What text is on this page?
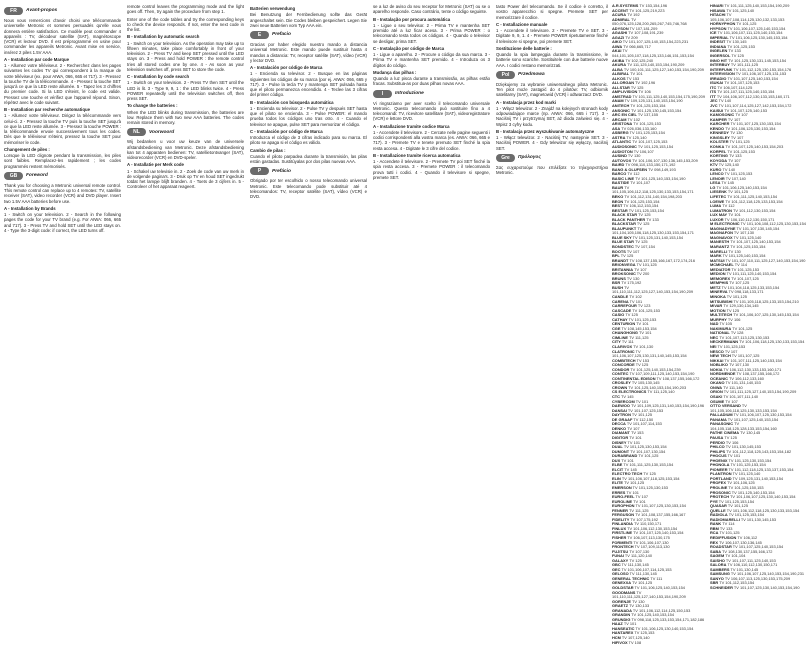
FR	Avant-propos

Nous vous remercions d'avoir choisi une télécommande universelle Metronic et sommes persuadés qu'elle vous donnera entière satisfaction. Ce modèle peut commander 4 appareils : TV, décodeur satellite (SAT), magnétoscope (VCR) et lecteur DVD. Il est préprogrammé en usine pour commander les appareils Metronic. Avant mise en service, insérez 2 piles 1.5V AAA.

A - Installation par code Marque

1 - Allumez votre téléviseur. 2 - Recherchez dans les pages suivantes les codes TV qui correspondent à la marque de votre téléviseur (ex. pour AIWA, 066, 665 et 717). 3 - Pressez la touche TV de la télécommande. 4 - Pressez la touche SET jusqu'à ce que la LED reste allumée. 5 - Tapez les 3 chiffres du premier code. Si la LED s'éteint, le code est valide. Pressez une touche et vérifiez que l'appareil répond. Sinon, répétez avec le code suivant.

B - Installation par recherche automatique

1 - Allumez votre téléviseur. Dirigez la télécommande vers celui-ci. 2 - Pressez la touche TV puis la touche SET jusqu'à ce que la LED reste allumée. 3 - Pressez la touche POWER : la télécommande envoie successivement tous les codes. Dès que le téléviseur s'éteint, pressez la touche SET pour mémoriser le code.

Changement de piles :

Lorsque la LED clignote pendant la transmission, les piles sont faibles. Remplacez-les rapidement ; les codes programmés restent mémorisés.

GB	Foreword

Thank you for choosing a Metronic universal remote control. This remote control can replace up to 4 remotes: TV, satellite receiver (SAT), video recorder (VCR) and DVD player. Insert two 1.5V AAA batteries before use.

A - Installation by Brands

1 - Switch on your television. 2 - Search in the following pages the code for your TV brand (e.g. For AIWA: 066, 665 and 717). 3 - Press TV and hold SET until the LED stays on. 4 - Type the 3-digit code: if correct, the LED turns off.

remote control leaves the programming mode and the light goes off. Then, try again the procedure from step 1.

Enter one of the code tables and try the corresponding keys to check the device responds. If not, enter the next code in the list.

B - Installation by automatic search

1 - Switch on your television. As the operation may take up to fifteen minutes, take place comfortably in front of your television. 2 - Press TV and keep SET pressed until the LED stays on. 3 - Press and hold POWER : the remote control tries all stored codes one by one. 4 - As soon as your television switches off, press SET to store the code.

C - Installation by code search

1 - Switch on your television. 2 - Press TV then SET until the LED is lit. 3 - Type 9, 9, 1 : the LED blinks twice. 4 - Press POWER repeatedly until the television switches off, then press SET.

To change the batteries :

When the LED blinks during transmission, the batteries are low. Replace them with two new AAA batteries. The codes remain stored in memory.

NL	Voorwoord

Wij bedanken u voor uw keuze van de universele afstandsbediening van Metronic. Deze afstandsbediening kan tot 4 apparaten bedienen: TV, satellietontvanger (SAT), videorecorder (VCR) en DVD-speler.

A - Installatie per Merk code

1 - Schakel uw televisie in. 2 - Zoek de code van uw merk in de volgende pagina's. 3 - Druk op TV en houd SET ingedrukt totdat het lampje blijft branden. 4 - Toets de 3 cijfers in. 5 - Controleer of het apparaat reageert.

Batterien verwendung

Bei Benutzung der Fernbedienung sollte das Gerät angeschaltet sein. Die Codes bleiben gespeichert. Legen Sie zwei neue Batterien vom Typ AAA ein.

E	Prefacio

Gracias por haber elegido nuestro mando a distancia universal Metronic. Este mando puede sustituir hasta 4 mandos a distancia: TV, receptor satélite (SAT), vídeo (VCR) y lector DVD.

A - Instalación por código de Marca

1 - Encienda su televisor. 2 - Busque en las páginas siguientes los códigos de su marca (por ej. AIWA: 066, 665 y 717). 3 - Pulse la tecla TV y mantenga SET pulsada hasta que el piloto permanezca encendido. 4 - Teclee las 3 cifras del primer código.

B - Instalación con búsqueda automática

1 - Encienda su televisor. 2 - Pulse TV y después SET hasta que el piloto se encienda. 3 - Pulse POWER: el mando prueba todos los códigos uno tras otro. 4 - Cuando el televisor se apague, pulse SET para memorizar el código.

C - Instalación por código de Marca

Introduzca el código de 3 cifras indicado para su marca. El piloto se apaga si el código es válido.

Cambio de pilas :

Cuando el piloto parpadea durante la transmisión, las pilas están gastadas. Sustitúyalas por dos pilas nuevas AAA.

P	Prefácio

Obrigado por ter escolhido o nosso telecomando universal Metronic. Este telecomando pode substituir até 4 telecomandos: TV, receptor satélite (SAT), vídeo (VCR) e DVD.

se a luz de aviso do seu receptor for Metronic (SAT) ou se o aparelho responde. Caso contrário, tente o código seguinte.

B - Instalação por procura automática

1 - Ligue o seu televisor. 2 - Prima TV e mantenha SET premido até a luz ficar acesa. 3 - Prima POWER : o telecomando testa todos os códigos. 4 - Quando o televisor se desligar, prima SET.

C - Instalação por código de Marca

1 - Ligue o aparelho. 2 - Procure o código da sua marca. 3 - Prima TV e mantenha SET premido. 4 - Introduza os 3 dígitos do código.

Mudança das pilhas :

Quando a luz pisca durante a transmissão, as pilhas estão fracas. Substitua-as por duas pilhas novas AAA.

I	Introduzione

Vi ringraziamo per aver scelto il telecomando universale Metronic. Questo telecomando può sostituire fino a 4 telecomandi: TV, ricevitore satellitare (SAT), videoregistratore (VCR) e lettore DVD.

A - Installazione tramite codice Marca

1 - Accendete il televisore. 2 - Cercate nelle pagine seguenti i codici corrispondenti alla vostra marca (es. AIWA: 066, 665 e 717). 3 - Premete TV e tenete premuto SET finché la spia resta accesa. 4 - Digitate le 3 cifre del codice.

B - Installazione tramite ricerca automatica

1 - Accendete il televisore. 2 - Premete TV poi SET finché la spia resta accesa. 3 - Premete POWER : il telecomando prova tutti i codici. 4 - Quando il televisore si spegne, premete SET.

tasto Power del telecomando. Se il codice è corretto, il vostro apparecchio si spegne. Premete SET per memorizzare il codice.

C - Installazione manuale

1 - Accendete il televisore. 2 - Premete TV e SET. 3 - Digitate 9, 9, 1. 4 - Premete POWER ripetutamente finché il televisore si spegne, poi premete SET.

Sostituzione delle batterie :

Quando la spia lampeggia durante la trasmissione, le batterie sono scariche. Sostituitele con due batterie nuove AAA. I codici restano memorizzati.

Pol	Przedmowa

Dziękujemy za wybranie uniwersalnego pilota Metronic. Ten pilot może zastąpić do 4 pilotów: TV, odbiornik satelitarny (SAT), magnetowid (VCR) i odtwarzacz DVD.

A - Instalacja przez kod marki

1 - Włącz telewizor. 2 - Znajdź na kolejnych stronach kody odpowiadające marce (np. AIWA: 066, 665 i 717). 3 - Naciśnij TV i przytrzymaj SET, aż dioda zaświeci się. 4 - Wpisz 3 cyfry kodu.

B - Instalacja przez wyszukiwanie automatyczne

1 - Włącz telewizor. 2 - Naciśnij TV, następnie SET. 3 - Naciśnij POWER. 4 - Gdy telewizor się wyłączy, naciśnij SET.

Gre	Πρόλογος

Σας ευχαριστούμε που επιλέξατε το τηλεχειριστήριο Metronic.

A.R.SYSTEMS TV 153,154,196
ACCENT TV 101,125,219,223
ACURA TV 192
ADMIRAL TV 050,076,125,128,200,265,267,745,746,768
ADYSON TV 107,181,209
AGASHI TV 107,108,191,239
AGAZI TV 209
AIKO TV 101,107,125,140,153,154,223,231
AIWA TV 066,665,717
AKAI TV 044,101,105,107,118,125,133,146,151,153,154
AKIBA TV 102,125,240
AKURA TV 111,125,140,153,154,190,209
ALBA TV 100,101,111,125,127,140,153,154,190,209
ALBIRAL TV 101
ALKOS TV 153
ALLORGAN TV 192,196
ALLSTAR TV 125
AMPLIVISION TV 106
AMSTRAD TV 101,111,125,140,153,154,175,190,209
ANAM TV 109,125,131,140,153,154,190
ANITECH TV 101,125,153,154
ANSONIC TV 101,125,130,145,153,154
ARC EN CIEL TV 137,155
ARCAM TV 102
ARISTONA TV 101,125,153
ASA TV 026,036,133,160
ASBERG TV 101,125,153,154
ASTRA TV 125,140
ATLANTIC TV 101,107,125,153
AUDIOSONIC TV 101,125,153,154
AUDIOTON TV 106,107
AUSIND TV 130
AUTOVOX TV 101,106,107,130,136,145,153,209
BAIRD TV 098,110,133,150,171,192
BANG & OLUFSEN TV 098,149,193
BARCO TV 112
BASIC LINE TV 101,125,140,153,154,190
BASTIDE TV 101,107
BAUR TV 101,105,106,112,118,125,130,133,153,154,171
BEKO TV 101,112,131,140,154,198,203
BEON TV 101,125,153,154
BEST TV 106,112,153,154
BESTAR TV 101,125,153,154
BLACK STAR TV 125
BLACK PANTHER TV 133
BLACKSTAR TV 125
BLAUPUNKT TV 101,104,105,106,118,125,130,133,153,154,171
BLUE SKY TV 101,125,131,140,153,154
BLUE STAR TV 125
BONDSTEC TV 107,154
BOOTS TV 107
BPL TV 125
BRANDT TV 108,137,155,166,167,172,174,216
BRIONVEGA TV 101,125
BRITANNIA TV 107
BROKSONIC TV 200
BRUNS TV 130
BSR TV 175,192
BUSH TV 101,110,111,112,125,127,140,153,154,190,209
CANDLE TV 102
CARENA TV 101
CARREFOUR TV 123
CASCADE TV 101,125,153
CASIO TV 125
CATHAY TV 101,125,153
CENTURION TV 101
CGE TV 108,145,153,154
CHANGHONG TV 101
CIMLINE TV 111,125
CITY TV 111
CLARIVOX TV 101,130
CLATRONIC TV 101,106,107,125,130,131,140,145,153,154
COMBITECH TV 153
CONCORDE TV 125
CONDOR TV 101,125,140,153,154,239
CONTEC TV 107,109,111,125,140,153,154,190
CONTINENTAL EDISON TV 108,137,155,166,172
CROSLEY TV 105,130,145
CROWN TV 101,125,140,153,154,190,203
CS ELECTRONICS TV 111,125,140
CTC TV 145
CYBERCOM TV 101
DAEWOO TV 101,109,125,131,140,153,154,190,196
DANSAI TV 101,107,125,153
DAYTRON TV 101,125
DE GRAAF TV 112,150
DECCA TV 101,107,114,153
DENKO TV 107
DIAMANT TV 153
DIGITOR TV 101
DISNEY TV 101
DUAL TV 101,125,130,153,154
DUMONT TV 101,107,130,154
DURABRAND TV 101,125
DUX TV 101
ELBE TV 101,111,125,130,153,154
ELCIT TV 145
ELECTRO TECH TV 125
ELIN TV 101,106,107,118,125,153,154
ELITE TV 101,125
EMERSON TV 101,125,130,153
ERRES TV 101
EURO-FEEL TV 107
EUROLINE TV 101
EUROPHON TV 101,107,125,130,153,154
FENNER TV 111,125
FERGUSON TV 101,108,137,155,166,167
FIDELITY TV 107,175,192
FINLANDIA TV 110,150,171
FINLUX TV 101,106,112,130,153,154
FIRSTLINE TV 101,107,125,140,153,154
FISHER TV 106,107,113,130,175
FORMENTI TV 101,106,107,130
FRONTECH TV 107,109,113,130
FUJITSU TV 107,130
FUNAI TV 111,120,140
GALAXY TV 125
GBC TV 111,130,145
GEC TV 101,106,107,114,125,153
GELOSO TV 111,130,145
GENERAL TECHNIC TV 111
GENEXXA TV 101,125
GOLDSTAR TV 101,106,125,140,153,154
GOODMANS TV 101,110,111,125,127,140,153,154,190,209
GORENJE TV 130
GRAETZ TV 130,133
GRANADA TV 101,106,112,114,125,150,153
GRANDIN TV 101,125,140,153,154
GRUNDIG TV 098,118,125,133,153,154,171,182,186
HAAZ TV 101
HANSEATIC TV 101,106,125,130,140,153,154
HANTAREX TV 125,153
HCM TV 107,125,140
HIFIVOX TV 108
HINARI TV 101,111,125,140,153,154,190,209
HISAWA TV 101,125,140
HITACHI TV 105,106,107,108,114,125,130,132,133,153
HORNYPHON TV 101,125
HYPSON TV 101,106,107,125,140,153,154
ICE TV 101,106,107,111,125,140,153,154
IMPERIAL TV 101,106,125,130,145,153,154
INDESIT TV 130,145
INDIANA TV 101,125,153
INGELEN TV 133
INGERSOL TV 125
INNO HIT TV 101,125,130,131,145,153,154
INTERBUY TV 101,111,125
INTERFUNK TV 101,112,125,130,153,154,176
INTERVISION TV 101,106,107,125,131,153
IRRADIO TV 101,107,125,140,153,154
ISUKAI TV 101,107,125,153
ITC TV 106,107,114,125
ITS TV 101,107,111,125,140,153,154
ITT TV 104,106,107,112,130,133,153,160,171
JEC TV 140
JVC TV 101,107,114,125,127,142,153,154,172
KAISUI TV 101,107,125,140,153
KAMOSONIC TV 107
KAMPER TV 107
KARCHER TV 101,107,125,130,153,154
KENDO TV 101,106,125,130,153,154
KENNEDY TV 130
KINGSLEY TV 107
KOLSTER TV 101,125
KONKA TV 101,107,125,140,153,154,203
KORPEL TV 101,125,153
KORTING TV 133
KOYODA TV 107
KTV TV 125,140
KURO TV 140
LENCO TV 101,125,153
LENOIR TV 107,140
LESA TV 145
LG TV 101,106,125,140,153,154
LIESENK TV 101,125
LIFETEC TV 101,111,125,140,153,154
LOEWE TV 101,112,118,125,133,153,154
LUMA TV 112
LUMATRON TV 101,112,130,153,154
LUX MAY TV 101
LUXOR TV 106,110,112,130,150,171
M ELECTRONIC TV 101,106,108,112,125,130,153,154
MAGNADYNE TV 101,107,130,145,154
MAGNAFON TV 107,130
MAGNAVOX TV 101,125,140
MANESTH TV 101,107,125,140,153,154
MARANTZ TV 101,125,153,154
MARELLI TV 130
MARK TV 101,125,140,153,154
MATSUI TV 101,107,110,111,125,127,140,153,154,190
MCMICHAEL TV 114
MEDIATOR TV 101,125,153
MEDION TV 101,111,125,140,153,154
MEMOREX TV 101,107,125
MEMPHIS TV 107,125
METZ TV 101,104,118,125,133,153,154
MINERVA TV 098,118,133,171
MINOKA TV 101,125
MITSUBISHI TV 101,105,118,125,133,153,154,210
MIVAR TV 129,130,134,145
MOTION TV 125
MULTITECH TV 101,106,107,125,130,145,153,154
MURPHY TV 106
NAD TV 105
NAKIMURA TV 101,125
NATIONAL TV 128
NEC TV 101,107,113,125,130,153
NECKERMANN TV 101,106,118,125,130,133,153,154
NEI TV 101,125,153
NESCO TV 107
NEW TECH TV 101,107,125
NIKKAI TV 101,107,111,125,140,153,154
NOBLIKO TV 107,130
NOKIA TV 106,112,130,133,153,160,171
NORDMENDE TV 108,137,155,166,172
OCEANIC TV 106,112,133,160
OKANO TV 101,131,140,153
ONWA TV 111,140
ORION TV 101,111,125,127,140,153,154,190,209
OSAKI TV 101,107,111,140
OSUME TV 107
OTTO VERSAND TV 101,105,106,118,125,130,133,153,154
PALLADIUM TV 101,106,107,125,130,153,154
PANAMA TV 101,107,125,140,153,154
PANASONIC TV 104,105,118,125,128,133,153,154,160
PATHE CINEMA TV 130,145
PAUSA TV 125
PERDIO TV 106
PHILCO TV 101,130,145,153
PHILIPS TV 101,112,118,125,143,153,154,182
PHOCUS TV 101
PHOENIX TV 101,125,130,153,154
PHONOLA TV 101,125,153,154
PIONEER TV 101,112,118,125,133,137,153,154
PLANTRON TV 101,125,140
PORTLAND TV 109,125,131,140,153,154
PROFEX TV 101,106,125
PROLINE TV 101,125,150,153
PROSONIC TV 101,125,140,153,154
PROTECH TV 101,106,107,125,130,140,153,154
PYE TV 101,125,153,154
QUASAR TV 101,125
QUELLE TV 101,106,112,118,125,130,133,153,154
RADIOLA TV 101,125,153,154
RADIOMARELLI TV 101,130,145,153
RANK TV 114
RBM TV 133
RCA TV 101,125
REDIFFUSION TV 106,112
REX TV 106,107,130,136,145
ROADSTAR TV 101,107,125,140,153,154
SABA TV 108,130,137,155,166,172
SAGEM TV 101,104
SAISHO TV 101,107,111,125,140,153
SALORA TV 106,110,112,130,150,171
SAMBERS TV 101,130,145
SAMSUNG TV 101,106,107,125,140,153,154,190,231
SANYO TV 106,107,113,125,130,153,175,209
SBR TV 101,112,153,154
SCHNEIDER TV 101,107,125,130,140,153,154,190
